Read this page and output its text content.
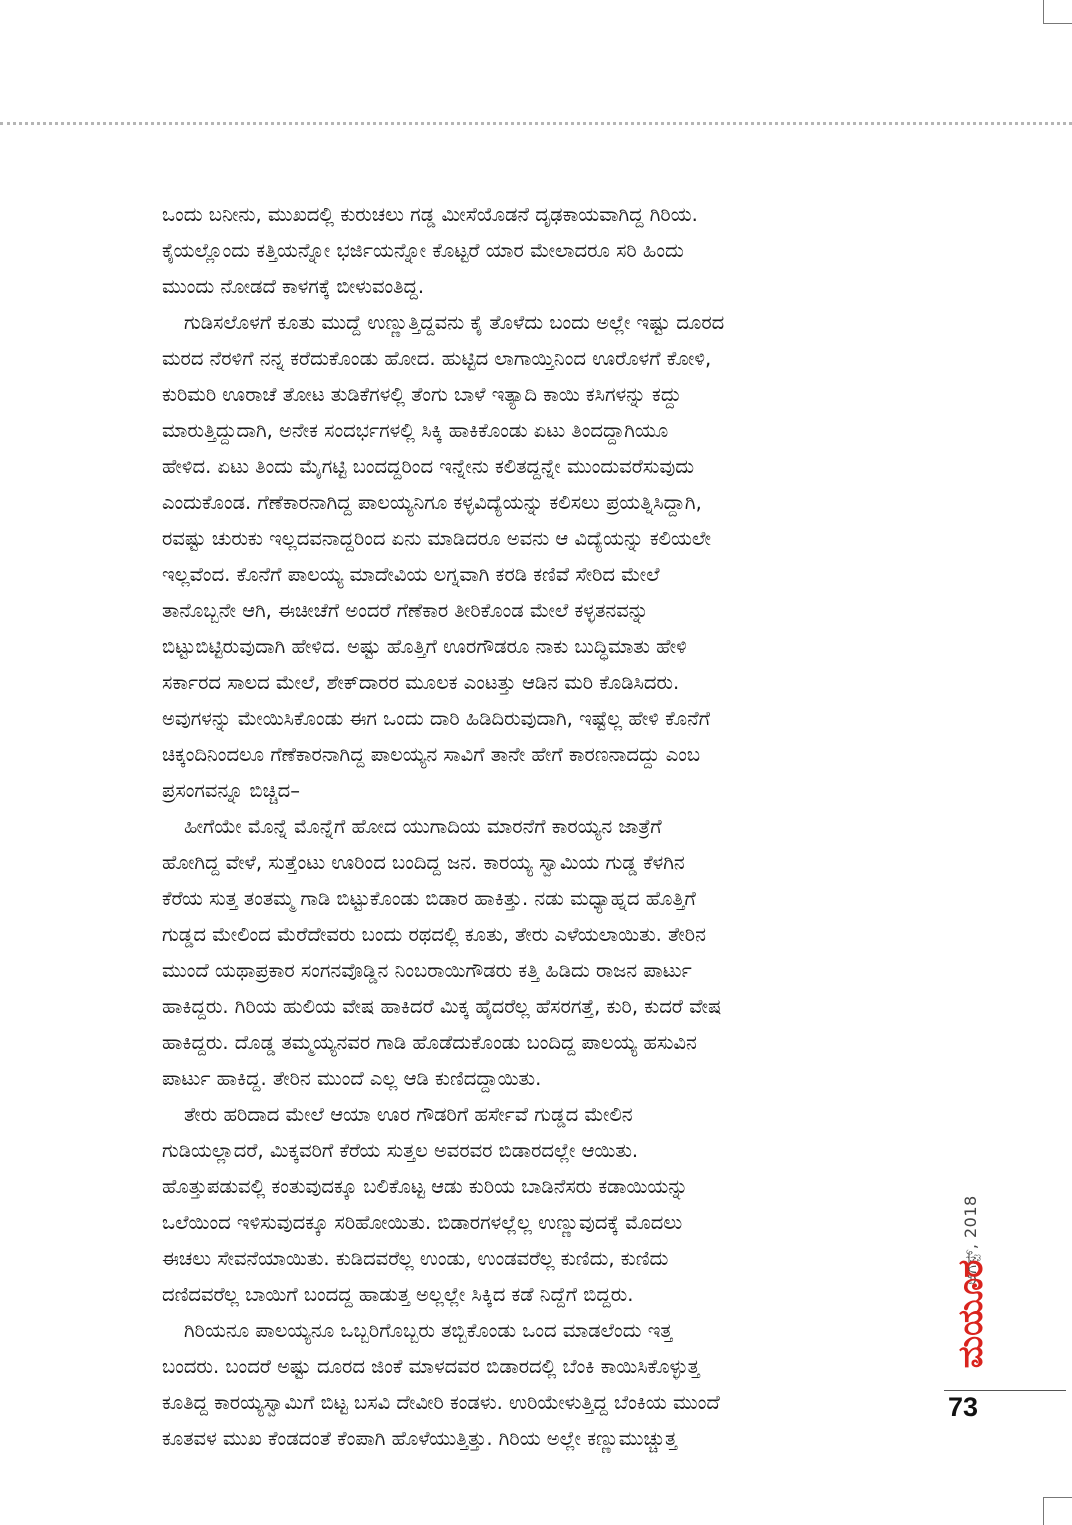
ಒಂದು ಬನೀನು, ಮುಖದಲ್ಲಿ ಕುರುಚಲು ಗಡ್ಡ ಮೀಸೆಯೊಡನೆ ದೃಢಕಾಯವಾಗಿದ್ದ ಗಿರಿಯ.
ಕೈಯಲ್ಲೊಂದು ಕತ್ತಿಯನ್ನೋ ಭರ್ಜಿಯನ್ನೋ ಕೊಟ್ಟರೆ ಯಾರ ಮೇಲಾದರೂ ಸರಿ ಹಿಂದು
ಮುಂದು ನೋಡದೆ ಕಾಳಗಕ್ಕೆ ಬೀಳುವಂತಿದ್ದ.
ಗುಡಿಸಲೊಳಗೆ ಕೂತು ಮುದ್ದೆ ಉಣ್ಣುತ್ತಿದ್ದವನು ಕೈ ತೊಳೆದು ಬಂದು ಅಲ್ಲೇ ಇಷ್ಟು ದೂರದ
ಮರದ ನೆರಳಿಗೆ ನನ್ನ ಕರೆದುಕೊಂಡು ಹೋದ. ಹುಟ್ಟಿದ ಲಾಗಾಯ್ತಿನಿಂದ ಊರೊಳಗೆ ಕೋಳಿ,
ಕುರಿಮರಿ ಊರಾಚೆ ತೋಟ ತುಡಿಕೆಗಳಲ್ಲಿ ತೆಂಗು ಬಾಳೆ ಇತ್ಯಾದಿ ಕಾಯಿ ಕಸಿಗಳನ್ನು ಕದ್ದು
ಮಾರುತ್ತಿದ್ದುದಾಗಿ, ಅನೇಕ ಸಂದರ್ಭಗಳಲ್ಲಿ ಸಿಕ್ಕಿ ಹಾಕಿಕೊಂಡು ಏಟು ತಿಂದದ್ದಾಗಿಯೂ
ಹೇಳಿದ. ಏಟು ತಿಂದು ಮೈಗಟ್ಟಿ ಬಂದದ್ದರಿಂದ ಇನ್ನೇನು ಕಲಿತದ್ದನ್ನೇ ಮುಂದುವರೆಸುವುದು
ಎಂದುಕೊಂಡ. ಗೆಣೆಕಾರನಾಗಿದ್ದ ಪಾಲಯ್ಯನಿಗೂ ಕಳ್ಳವಿದ್ಯೆಯನ್ನು ಕಲಿಸಲು ಪ್ರಯತ್ನಿಸಿದ್ದಾಗಿ,
ರವಷ್ಟು ಚುರುಕು ಇಲ್ಲದವನಾದ್ದರಿಂದ ಏನು ಮಾಡಿದರೂ ಅವನು ಆ ವಿದ್ಯೆಯನ್ನು ಕಲಿಯಲೇ
ಇಲ್ಲವೆಂದ. ಕೊನೆಗೆ ಪಾಲಯ್ಯ ಮಾದೇವಿಯ ಲಗ್ನವಾಗಿ ಕರಡಿ ಕಣಿವೆ ಸೇರಿದ ಮೇಲೆ
ತಾನೊಬ್ಬನೇ ಆಗಿ, ಈಚೀಚೆಗೆ ಅಂದರೆ ಗೆಣೆಕಾರ ತೀರಿಕೊಂಡ ಮೇಲೆ ಕಳ್ಳತನವನ್ನು
ಬಿಟ್ಟುಬಿಟ್ಟಿರುವುದಾಗಿ ಹೇಳಿದ. ಅಷ್ಟು ಹೊತ್ತಿಗೆ ಊರಗೌಡರೂ ನಾಕು ಬುದ್ಧಿಮಾತು ಹೇಳಿ
ಸರ್ಕಾರದ ಸಾಲದ ಮೇಲೆ, ಶೇಕ್‌ದಾರರ ಮೂಲಕ ಎಂಟತ್ತು ಆಡಿನ ಮರಿ ಕೊಡಿಸಿದರು.
ಅವುಗಳನ್ನು ಮೇಯಿಸಿಕೊಂಡು ಈಗ ಒಂದು ದಾರಿ ಹಿಡಿದಿರುವುದಾಗಿ, ಇಷ್ಟೆಲ್ಲ ಹೇಳಿ ಕೊನೆಗೆ
ಚಿಕ್ಕಂದಿನಿಂದಲೂ ಗೆಣೆಕಾರನಾಗಿದ್ದ ಪಾಲಯ್ಯನ ಸಾವಿಗೆ ತಾನೇ ಹೇಗೆ ಕಾರಣನಾದದ್ದು ಎಂಬ
ಪ್ರಸಂಗವನ್ನೂ ಬಿಚ್ಚಿದ–
ಹೀಗೆಯೇ ಮೊನ್ನೆ ಮೊನ್ನೆಗೆ ಹೋದ ಯುಗಾದಿಯ ಮಾರನೆಗೆ ಕಾರಯ್ಯನ ಜಾತ್ರೆಗೆ
ಹೋಗಿದ್ದ ವೇಳೆ, ಸುತ್ತೆಂಟು ಊರಿಂದ ಬಂದಿದ್ದ ಜನ. ಕಾರಯ್ಯ ಸ್ವಾಮಿಯ ಗುಡ್ಡ ಕೆಳಗಿನ
ಕೆರೆಯ ಸುತ್ತ ತಂತಮ್ಮ ಗಾಡಿ ಬಿಟ್ಟುಕೊಂಡು ಬಿಡಾರ ಹಾಕಿತ್ತು. ನಡು ಮಧ್ಯಾಹ್ನದ ಹೊತ್ತಿಗೆ
ಗುಡ್ಡದ ಮೇಲಿಂದ ಮೆರೆದೇವರು ಬಂದು ರಥದಲ್ಲಿ ಕೂತು, ತೇರು ಎಳೆಯಲಾಯಿತು. ತೇರಿನ
ಮುಂದೆ ಯಥಾಪ್ರಕಾರ ಸಂಗನವೊಡ್ಡಿನ ನಿಂಬರಾಯಿಗೌಡರು ಕತ್ತಿ ಹಿಡಿದು ರಾಜನ ಪಾರ್ಟು
ಹಾಕಿದ್ದರು. ಗಿರಿಯ ಹುಲಿಯ ವೇಷ ಹಾಕಿದರೆ ಮಿಕ್ಕ ಹೈದರೆಲ್ಲ ಹೆಸರಗತ್ತೆ, ಕುರಿ, ಕುದರೆ ವೇಷ
ಹಾಕಿದ್ದರು. ದೊಡ್ಡ ತಮ್ಮಯ್ಯನವರ ಗಾಡಿ ಹೊಡೆದುಕೊಂಡು ಬಂದಿದ್ದ ಪಾಲಯ್ಯ ಹಸುವಿನ
ಪಾರ್ಟು ಹಾಕಿದ್ದ. ತೇರಿನ ಮುಂದೆ ಎಲ್ಲ ಆಡಿ ಕುಣಿದದ್ದಾಯಿತು.
ತೇರು ಹರಿದಾದ ಮೇಲೆ ಆಯಾ ಊರ ಗೌಡರಿಗೆ ಹರ್ಸೇವೆ ಗುಡ್ಡದ ಮೇಲಿನ
ಗುಡಿಯಲ್ಲಾದರೆ, ಮಿಕ್ಕವರಿಗೆ ಕೆರೆಯ ಸುತ್ತಲ ಅವರವರ ಬಿಡಾರದಲ್ಲೇ ಆಯಿತು.
ಹೊತ್ತುಪಡುವಲ್ಲಿ ಕಂತುವುದಕ್ಕೂ ಬಲಿಕೊಟ್ಟ ಆಡು ಕುರಿಯ ಬಾಡಿನೆಸರು ಕಡಾಯಿಯನ್ನು
ಒಲೆಯಿಂದ ಇಳಿಸುವುದಕ್ಕೂ ಸರಿಹೋಯಿತು. ಬಿಡಾರಗಳಲ್ಲೆಲ್ಲ ಉಣ್ಣುವುದಕ್ಕೆ ಮೊದಲು
ಈಚಲು ಸೇವನೆಯಾಯಿತು. ಕುಡಿದವರೆಲ್ಲ ಉಂಡು, ಉಂಡವರೆಲ್ಲ ಕುಣಿದು, ಕುಣಿದು
ದಣಿದವರೆಲ್ಲ ಬಾಯಿಗೆ ಬಂದದ್ದ ಹಾಡುತ್ತ ಅಲ್ಲಲ್ಲೇ ಸಿಕ್ಕಿದ ಕಡೆ ನಿದ್ದೆಗೆ ಬಿದ್ದರು.
ಗಿರಿಯನೂ ಪಾಲಯ್ಯನೂ ಒಬ್ಬರಿಗೊಬ್ಬರು ತಬ್ಬಿಕೊಂಡು ಒಂದ ಮಾಡಲೆಂದು ಇತ್ತ
ಬಂದರು. ಬಂದರೆ ಅಷ್ಟು ದೂರದ ಜಿಂಕೆ ಮಾಳದವರ ಬಿಡಾರದಲ್ಲಿ ಬೆಂಕಿ ಕಾಯಿಸಿಕೊಳ್ಳುತ್ತ
ಕೂತಿದ್ದ ಕಾರಯ್ಯಸ್ವಾಮಿಗೆ ಬಿಟ್ಟ ಬಸವಿ ದೇವೀರಿ ಕಂಡಳು. ಉರಿಯೇಳುತ್ತಿದ್ದ ಬೆಂಕಿಯ ಮುಂದೆ
ಕೂತವಳ ಮುಖ ಕೆಂಡದಂತೆ ಕೆಂಪಾಗಿ ಹೊಳೆಯುತ್ತಿತ್ತು. ಗಿರಿಯ ಅಲ್ಲೇ ಕಣ್ಣುಮುಚ್ಚುತ್ತ
ಆಗಸ್ಟ್, 2018
ಮಯೂರ
73
